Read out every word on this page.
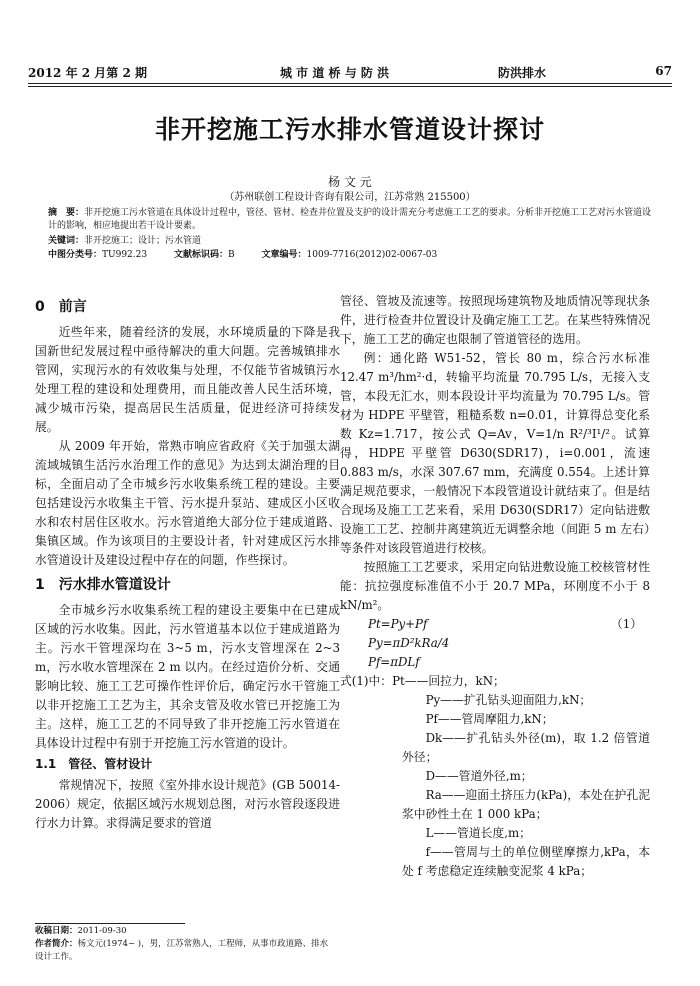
2012 年 2 月第 2 期	城 市 道 桥 与 防 洪	防洪排水	67
非开挖施工污水排水管道设计探讨
杨 文 元
（苏州联创工程设计咨询有限公司，江苏常熟 215500）
摘　要：非开挖施工污水管道在具体设计过程中，管径、管材、检查井位置及支护的设计需充分考虑施工工艺的要求。分析非开挖施工工艺对污水管道设计的影响，相应地提出若干设计要素。
关键词：非开挖施工；设计；污水管道
中图分类号：TU992.23	文献标识码：B	文章编号：1009-7716(2012)02-0067-03
0　前言

近些年来，随着经济的发展，水环境质量的下降是我国新世纪发展过程中亟待解决的重大问题。完善城镇排水管网，实现污水的有效收集与处理，不仅能节省城镇污水处理工程的建设和处理费用，而且能改善人民生活环境，减少城市污染，提高居民生活质量，促进经济可持续发展。

从 2009 年开始，常熟市响应省政府《关于加强太湖流域城镇生活污水治理工作的意见》为达到太湖治理的目标，全面启动了全市城乡污水收集系统工程的建设。主要包括建设污水收集主干管、污水提升泵站、建成区小区收水和农村居住区收水。污水管道绝大部分位于建成道路、集镇区域。作为该项目的主要设计者，针对建成区污水排水管道设计及建设过程中存在的问题，作些探讨。

1　污水排水管道设计

全市城乡污水收集系统工程的建设主要集中在已建成区域的污水收集。因此，污水管道基本以位于建成道路为主。污水干管埋深均在 3~5 m，污水支管埋深在 2~3 m，污水收水管埋深在 2 m 以内。在经过造价分析、交通影响比较、施工工艺可操作性评价后，确定污水干管施工以非开挖施工工艺为主，其余支管及收水管已开挖施工为主。这样，施工工艺的不同导致了非开挖施工污水管道在具体设计过程中有别于开挖施工污水管道的设计。

1.1　管径、管材设计

常规情况下，按照《室外排水设计规范》(GB 50014-2006）规定，依据区域污水规划总图，对污水管段逐段进行水力计算。求得满足要求的管道

管径、管坡及流速等。按照现场建筑物及地质情况等现状条件，进行检查井位置设计及确定施工工艺。在某些特殊情况下，施工工艺的确定也限制了管道管径的选用。

例：通化路 W51-52，管长 80 m，综合污水标准 12.47 m³/hm²·d，转输平均流量 70.795 L/s，无接入支管，本段无汇水，则本段设计平均流量为 70.795 L/s。管材为 HDPE 平壁管，粗糙系数 n=0.01，计算得总变化系数 Kz=1.717，按公式 Q=Av，V=1/n R²/³I¹/²。试算得，HDPE 平壁管 D630(SDR17)，i=0.001，流速 0.883 m/s，水深 307.67 mm，充满度 0.554。上述计算满足规范要求，一般情况下本段管道设计就结束了。但是结合现场及施工工艺来看，采用 D630(SDR17）定向钻进敷设施工工艺、控制井离建筑近无调整余地（间距 5 m 左右）等条件对该段管道进行校核。

按照施工工艺要求，采用定向钻进敷设施工校核管材性能：抗拉强度标准值不小于 20.7 MPa，环刚度不小于 8 kN/m²。

Pt=Py+Pf	（1）
Py=πD²kRa/4
Pf=πDLf

式(1)中：Pt——回拉力，kN；

Py——扩孔钻头迎面阻力,kN；

Pf——管周摩阻力,kN；

Dk——扩孔钻头外径(m)，取 1.2 倍管道外径；

D——管道外径,m；

Ra——迎面土挤压力(kPa)，本处在护孔泥浆中砂性土在 1 000 kPa；

L——管道长度,m；

f——管周与土的单位侧壁摩擦力,kPa，本处 f 考虑稳定连续触变泥浆 4 kPa；

收稿日期：2011-09-30
作者简介：杨文元(1974~ )，男，江苏常熟人，工程师，从事市政道路、排水设计工作。
